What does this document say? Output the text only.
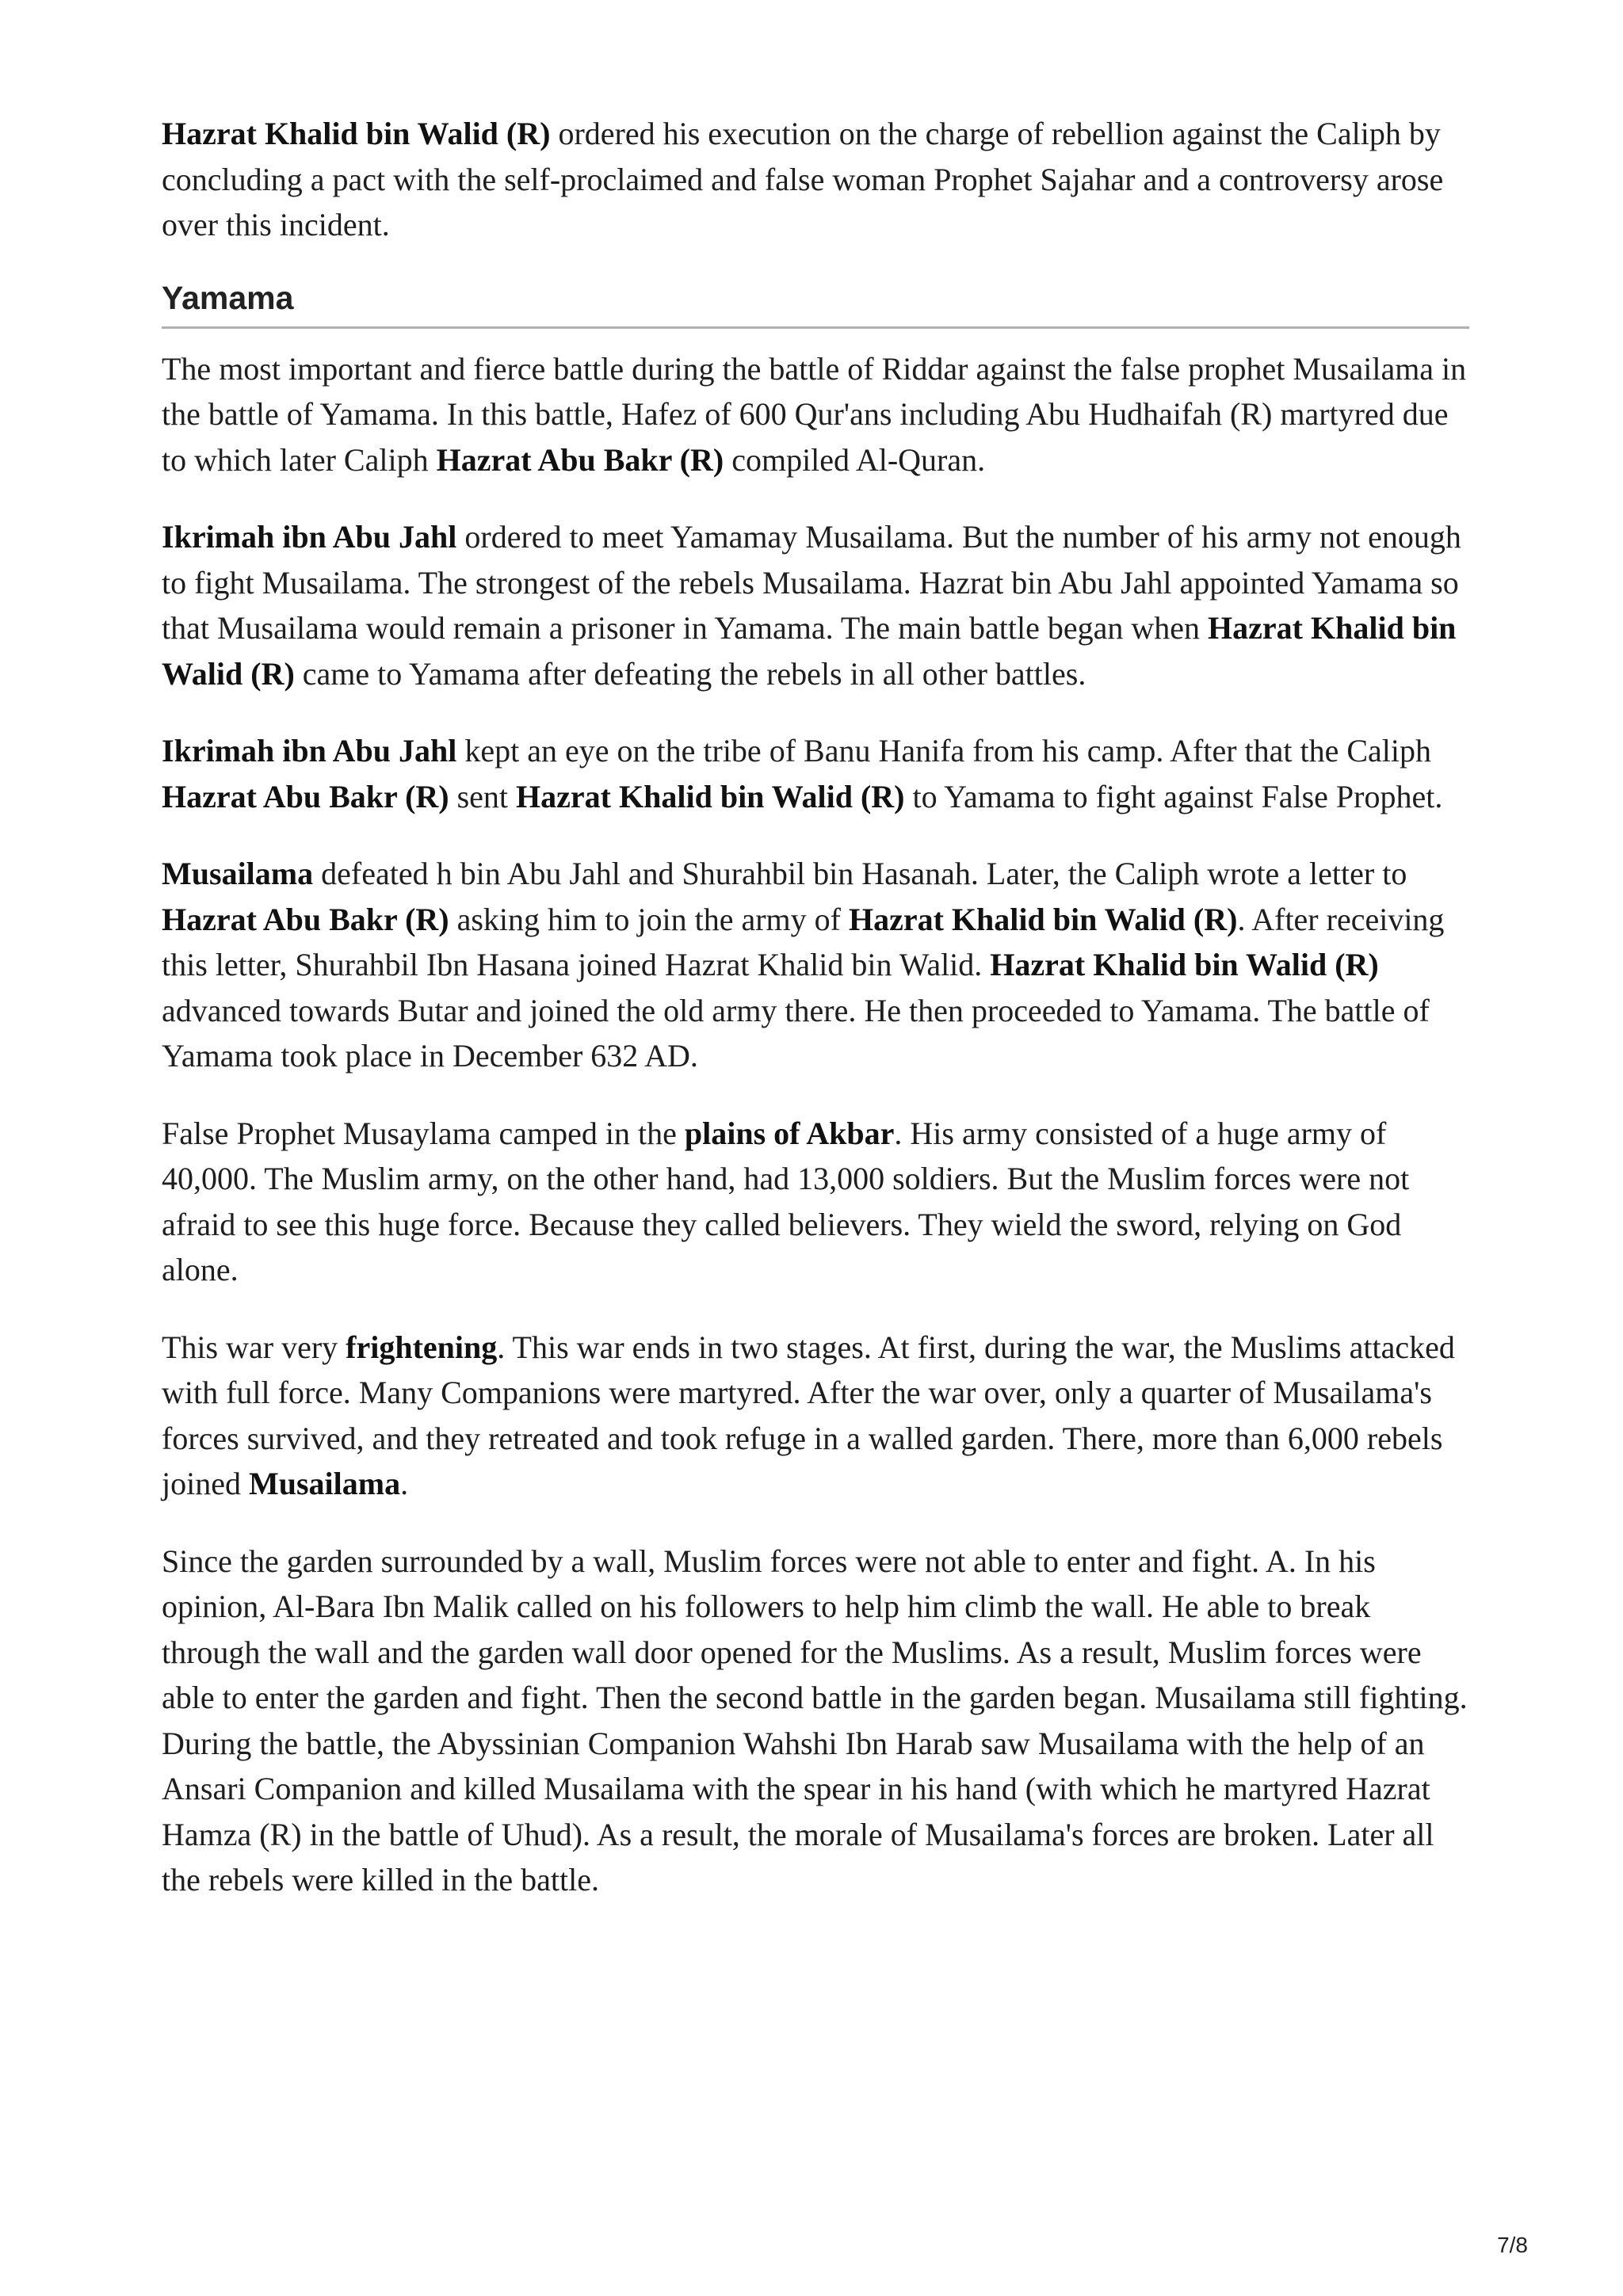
Hazrat Khalid bin Walid (R) ordered his execution on the charge of rebellion against the Caliph by concluding a pact with the self-proclaimed and false woman Prophet Sajahar and a controversy arose over this incident.

Yamama

The most important and fierce battle during the battle of Riddar against the false prophet Musailama in the battle of Yamama. In this battle, Hafez of 600 Qur'ans including Abu Hudhaifah (R) martyred due to which later Caliph Hazrat Abu Bakr (R) compiled Al-Quran.

Ikrimah ibn Abu Jahl ordered to meet Yamamay Musailama. But the number of his army not enough to fight Musailama. The strongest of the rebels Musailama. Hazrat bin Abu Jahl appointed Yamama so that Musailama would remain a prisoner in Yamama. The main battle began when Hazrat Khalid bin Walid (R) came to Yamama after defeating the rebels in all other battles.

Ikrimah ibn Abu Jahl kept an eye on the tribe of Banu Hanifa from his camp. After that the Caliph Hazrat Abu Bakr (R) sent Hazrat Khalid bin Walid (R) to Yamama to fight against False Prophet.

Musailama defeated h bin Abu Jahl and Shurahbil bin Hasanah. Later, the Caliph wrote a letter to Hazrat Abu Bakr (R) asking him to join the army of Hazrat Khalid bin Walid (R). After receiving this letter, Shurahbil Ibn Hasana joined Hazrat Khalid bin Walid. Hazrat Khalid bin Walid (R) advanced towards Butar and joined the old army there. He then proceeded to Yamama. The battle of Yamama took place in December 632 AD.

False Prophet Musaylama camped in the plains of Akbar. His army consisted of a huge army of 40,000. The Muslim army, on the other hand, had 13,000 soldiers. But the Muslim forces were not afraid to see this huge force. Because they called believers. They wield the sword, relying on God alone.

This war very frightening. This war ends in two stages. At first, during the war, the Muslims attacked with full force. Many Companions were martyred. After the war over, only a quarter of Musailama's forces survived, and they retreated and took refuge in a walled garden. There, more than 6,000 rebels joined Musailama.

Since the garden surrounded by a wall, Muslim forces were not able to enter and fight. A. In his opinion, Al-Bara Ibn Malik called on his followers to help him climb the wall. He able to break through the wall and the garden wall door opened for the Muslims. As a result, Muslim forces were able to enter the garden and fight. Then the second battle in the garden began. Musailama still fighting. During the battle, the Abyssinian Companion Wahshi Ibn Harab saw Musailama with the help of an Ansari Companion and killed Musailama with the spear in his hand (with which he martyred Hazrat Hamza (R) in the battle of Uhud). As a result, the morale of Musailama's forces are broken. Later all the rebels were killed in the battle.

7/8
